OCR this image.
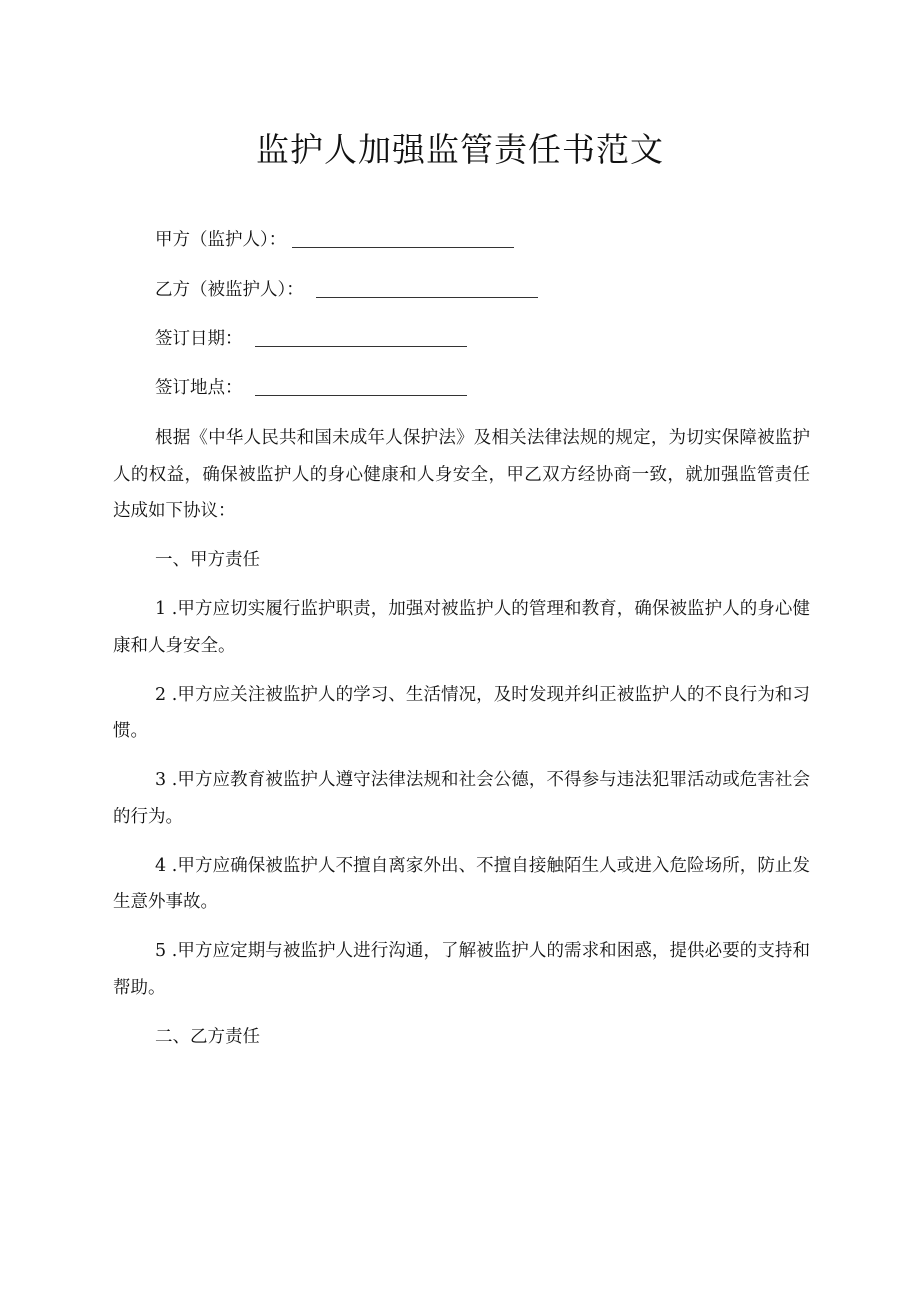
监护人加强监管责任书范文
甲方（监护人）：
乙方（被监护人）：
签订日期：
签订地点：

根据《中华人民共和国未成年人保护法》及相关法律法规的规定，为切实保障被监护人的权益，确保被监护人的身心健康和人身安全，甲乙双方经协商一致，就加强监管责任达成如下协议：

一、甲方责任

1 .甲方应切实履行监护职责，加强对被监护人的管理和教育，确保被监护人的身心健康和人身安全。

2 .甲方应关注被监护人的学习、生活情况，及时发现并纠正被监护人的不良行为和习惯。

3 .甲方应教育被监护人遵守法律法规和社会公德，不得参与违法犯罪活动或危害社会的行为。

4 .甲方应确保被监护人不擅自离家外出、不擅自接触陌生人或进入危险场所，防止发生意外事故。

5 .甲方应定期与被监护人进行沟通，了解被监护人的需求和困惑，提供必要的支持和帮助。

二、乙方责任
